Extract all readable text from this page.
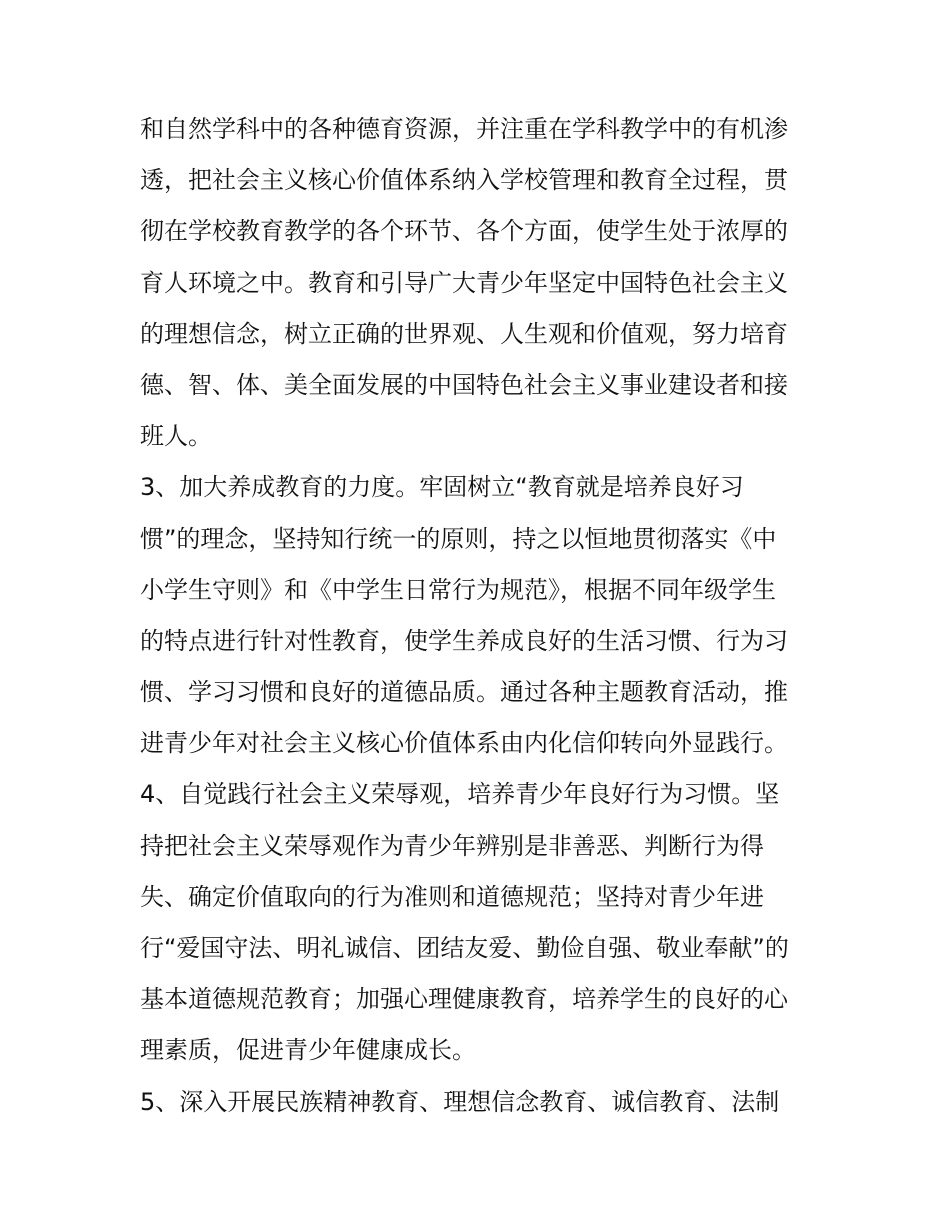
和自然学科中的各种德育资源，并注重在学科教学中的有机渗
透，把社会主义核心价值体系纳入学校管理和教育全过程，贯
彻在学校教育教学的各个环节、各个方面，使学生处于浓厚的
育人环境之中。教育和引导广大青少年坚定中国特色社会主义
的理想信念，树立正确的世界观、人生观和价值观，努力培育
德、智、体、美全面发展的中国特色社会主义事业建设者和接
班人。
3、加大养成教育的力度。牢固树立“教育就是培养良好习
惯”的理念，坚持知行统一的原则，持之以恒地贯彻落实《中
小学生守则》和《中学生日常行为规范》，根据不同年级学生
的特点进行针对性教育，使学生养成良好的生活习惯、行为习
惯、学习习惯和良好的道德品质。通过各种主题教育活动，推
进青少年对社会主义核心价值体系由内化信仰转向外显践行。
4、自觉践行社会主义荣辱观，培养青少年良好行为习惯。坚
持把社会主义荣辱观作为青少年辨别是非善恶、判断行为得
失、确定价值取向的行为准则和道德规范；坚持对青少年进
行“爱国守法、明礼诚信、团结友爱、勤俭自强、敬业奉献”的
基本道德规范教育；加强心理健康教育，培养学生的良好的心
理素质，促进青少年健康成长。
5、深入开展民族精神教育、理想信念教育、诚信教育、法制
